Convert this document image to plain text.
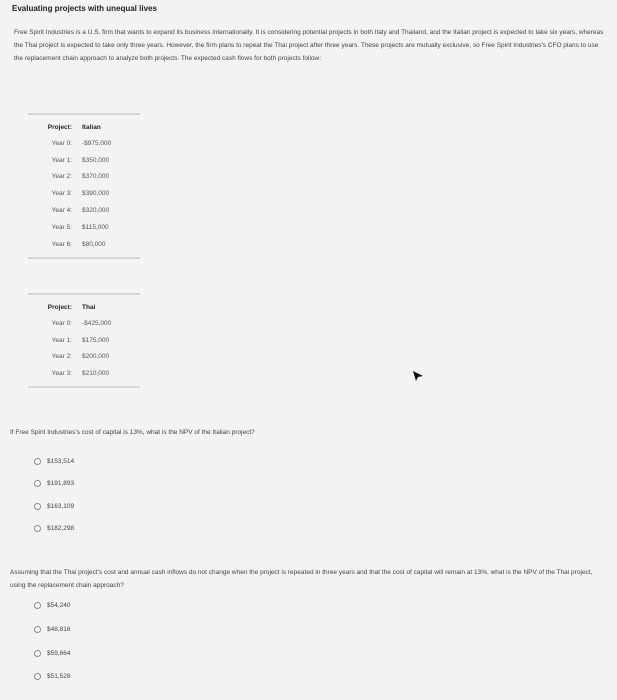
Evaluating projects with unequal lives
Free Spirit Industries is a U.S. firm that wants to expand its business internationally. It is considering potential projects in both Italy and Thailand, and the Italian project is expected to take six years, whereas the Thai project is expected to take only three years. However, the firm plans to repeat the Thai project after three years. These projects are mutually exclusive, so Free Spirit Industries's CFO plans to use the replacement chain approach to analyze both projects. The expected cash flows for both projects follow:

Project:	Italian
Year 0:	-$975,000
Year 1:	$350,000
Year 2:	$370,000
Year 3:	$390,000
Year 4:	$320,000
Year 5:	$115,000
Year 6:	$80,000

Project:	Thai
Year 0:	-$425,000
Year 1:	$175,000
Year 2:	$200,000
Year 3:	$210,000

If Free Spirit Industries's cost of capital is 13%, what is the NPV of the Italian project?
$153,514
$191,893
$163,109
$182,298
Assuming that the Thai project's cost and annual cash inflows do not change when the project is repeated in three years and that the cost of capital will remain at 13%, what is the NPV of the Thai project, using the replacement chain approach?
$54,240
$48,816
$59,664
$51,528
